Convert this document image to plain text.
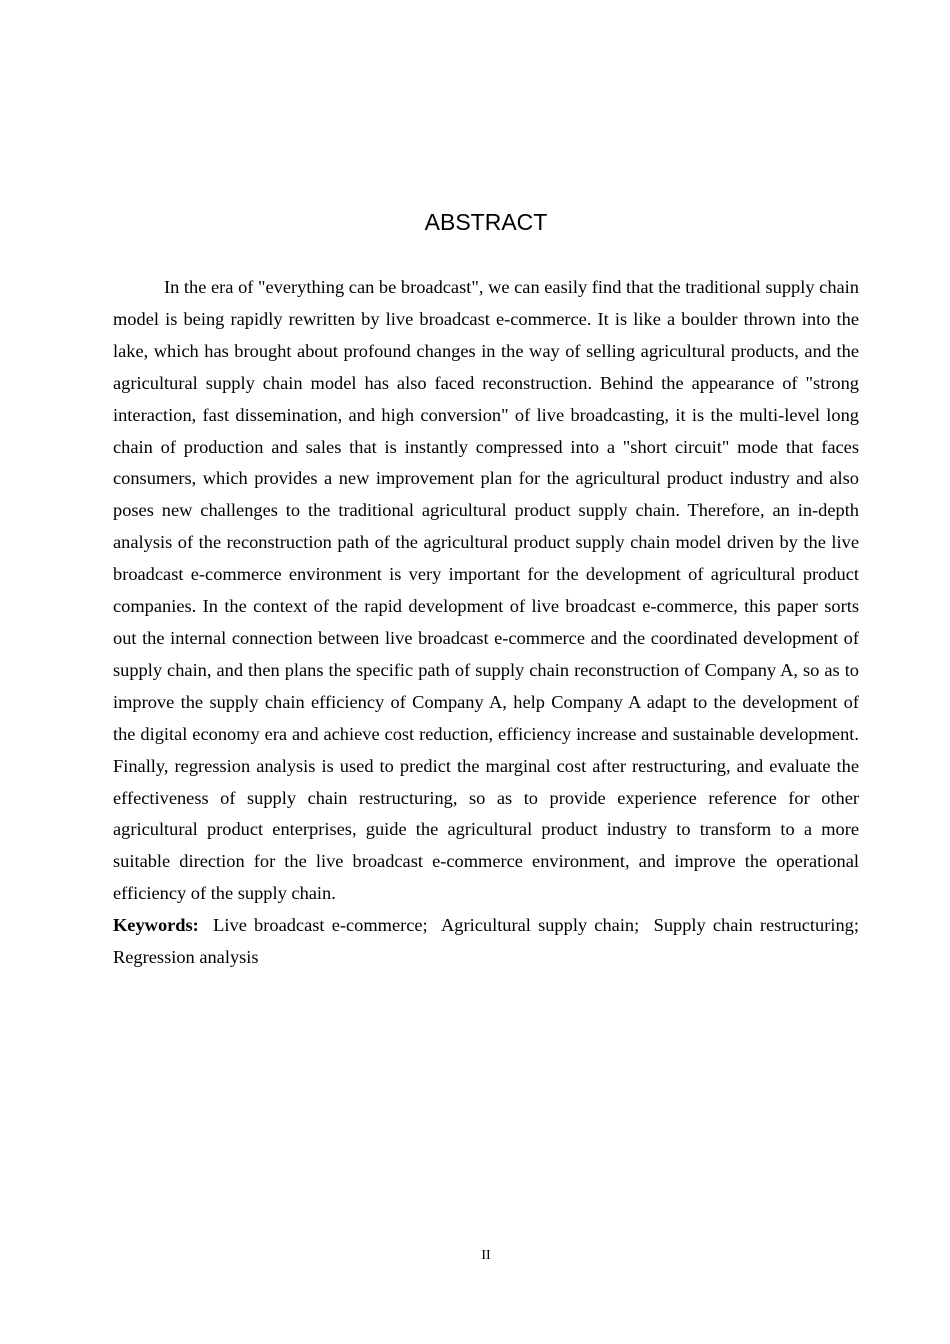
ABSTRACT

In the era of "everything can be broadcast", we can easily find that the traditional supply chain model is being rapidly rewritten by live broadcast e-commerce. It is like a boulder thrown into the lake, which has brought about profound changes in the way of selling agricultural products, and the agricultural supply chain model has also faced reconstruction. Behind the appearance of "strong interaction, fast dissemination, and high conversion" of live broadcasting, it is the multi-level long chain of production and sales that is instantly compressed into a "short circuit" mode that faces consumers, which provides a new improvement plan for the agricultural product industry and also poses new challenges to the traditional agricultural product supply chain. Therefore, an in-depth analysis of the reconstruction path of the agricultural product supply chain model driven by the live broadcast e-commerce environment is very important for the development of agricultural product companies. In the context of the rapid development of live broadcast e-commerce, this paper sorts out the internal connection between live broadcast e-commerce and the coordinated development of supply chain, and then plans the specific path of supply chain reconstruction of Company A, so as to improve the supply chain efficiency of Company A, help Company A adapt to the development of the digital economy era and achieve cost reduction, efficiency increase and sustainable development. Finally, regression analysis is used to predict the marginal cost after restructuring, and evaluate the effectiveness of supply chain restructuring, so as to provide experience reference for other agricultural product enterprises, guide the agricultural product industry to transform to a more suitable direction for the live broadcast e-commerce environment, and improve the operational efficiency of the supply chain.

Keywords: Live broadcast e-commerce; Agricultural supply chain; Supply chain restructuring; Regression analysis

II
